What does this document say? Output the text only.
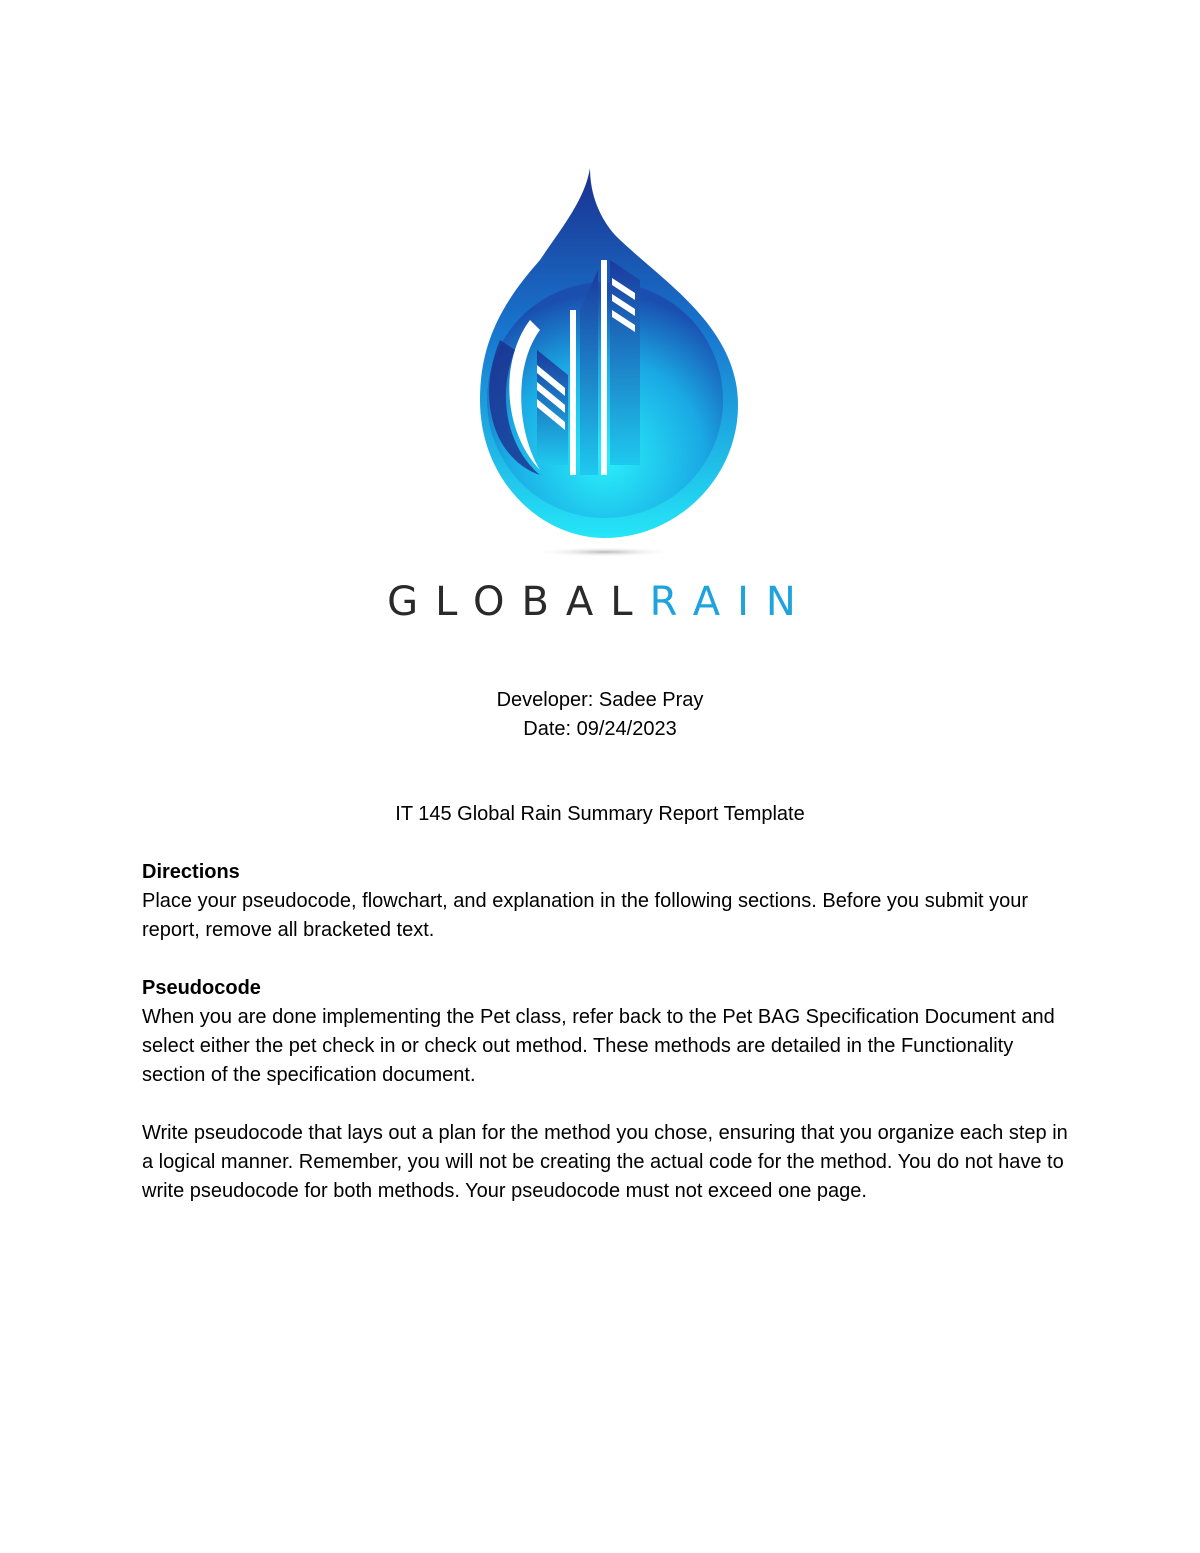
GLOBALRAIN
Developer: Sadee Pray
Date: 09/24/2023
IT 145 Global Rain Summary Report Template
Directions

Place your pseudocode, flowchart, and explanation in the following sections. Before you submit your report, remove all bracketed text.

Pseudocode

When you are done implementing the Pet class, refer back to the Pet BAG Specification Document and select either the pet check in or check out method. These methods are detailed in the Functionality section of the specification document.

Write pseudocode that lays out a plan for the method you chose, ensuring that you organize each step in a logical manner. Remember, you will not be creating the actual code for the method. You do not have to write pseudocode for both methods. Your pseudocode must not exceed one page.
